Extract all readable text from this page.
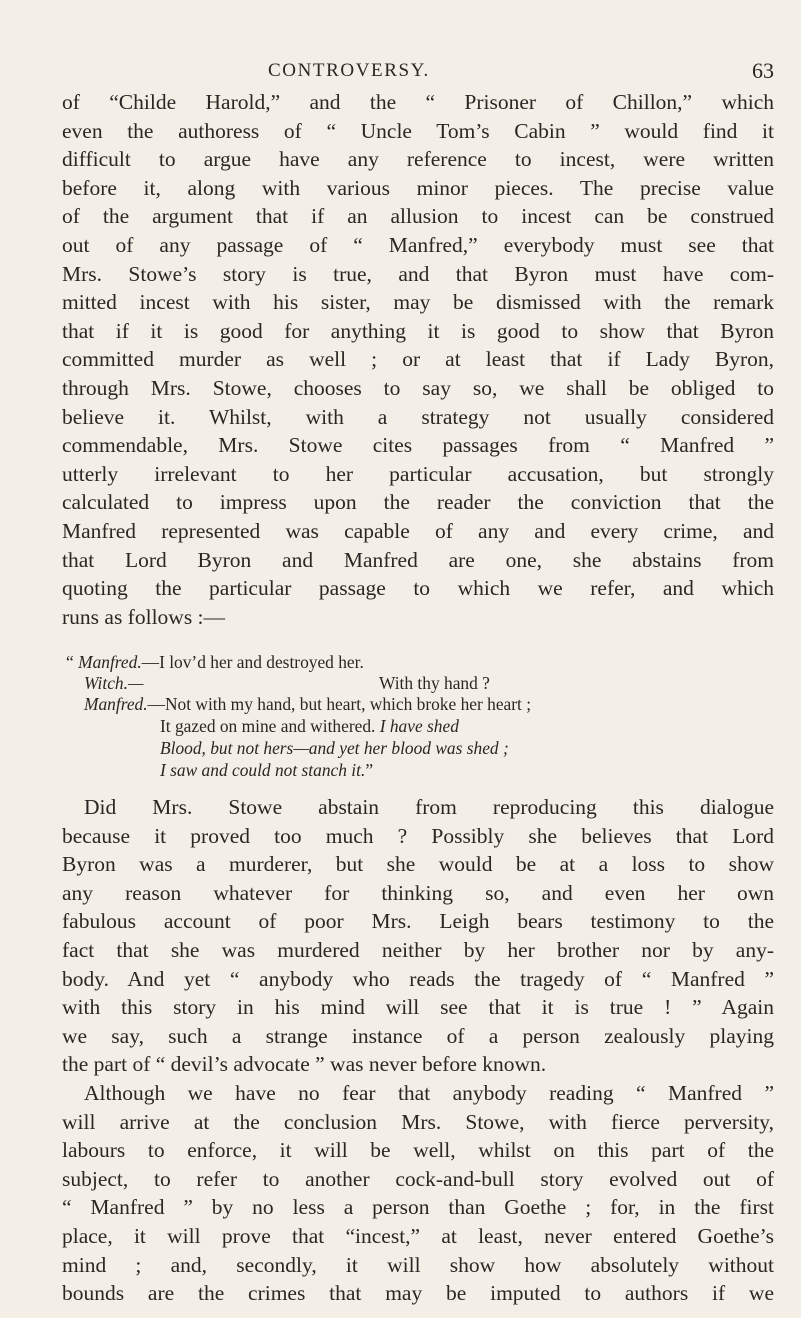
CONTROVERSY.	63
of “Childe Harold,” and the “ Prisoner of Chillon,” which
even the authoress of “ Uncle Tom’s Cabin ” would find it
difficult to argue have any reference to incest, were written
before it, along with various minor pieces. The precise value
of the argument that if an allusion to incest can be construed
out of any passage of “ Manfred,” everybody must see that
Mrs. Stowe’s story is true, and that Byron must have com-
mitted incest with his sister, may be dismissed with the remark
that if it is good for anything it is good to show that Byron
committed murder as well ; or at least that if Lady Byron,
through Mrs. Stowe, chooses to say so, we shall be obliged to
believe it. Whilst, with a strategy not usually considered
commendable, Mrs. Stowe cites passages from “ Manfred ”
utterly irrelevant to her particular accusation, but strongly
calculated to impress upon the reader the conviction that the
Manfred represented was capable of any and every crime, and
that Lord Byron and Manfred are one, she abstains from
quoting the particular passage to which we refer, and which
runs as follows :—
“ Manfred.—I lov’d her and destroyed her.
Witch.—	With thy hand ?
Manfred.—Not with my hand, but heart, which broke her heart ;
It gazed on mine and withered. I have shed
Blood, but not hers—and yet her blood was shed ;
I saw and could not stanch it.”
Did Mrs. Stowe abstain from reproducing this dialogue
because it proved too much ? Possibly she believes that Lord
Byron was a murderer, but she would be at a loss to show
any reason whatever for thinking so, and even her own
fabulous account of poor Mrs. Leigh bears testimony to the
fact that she was murdered neither by her brother nor by any-
body. And yet “ anybody who reads the tragedy of “ Manfred ”
with this story in his mind will see that it is true ! ” Again
we say, such a strange instance of a person zealously playing
the part of “ devil’s advocate ” was never before known.
Although we have no fear that anybody reading “ Manfred ”
will arrive at the conclusion Mrs. Stowe, with fierce perversity,
labours to enforce, it will be well, whilst on this part of the
subject, to refer to another cock-and-bull story evolved out of
“ Manfred ” by no less a person than Goethe ; for, in the first
place, it will prove that “incest,” at least, never entered Goethe’s
mind ; and, secondly, it will show how absolutely without
bounds are the crimes that may be imputed to authors if we
